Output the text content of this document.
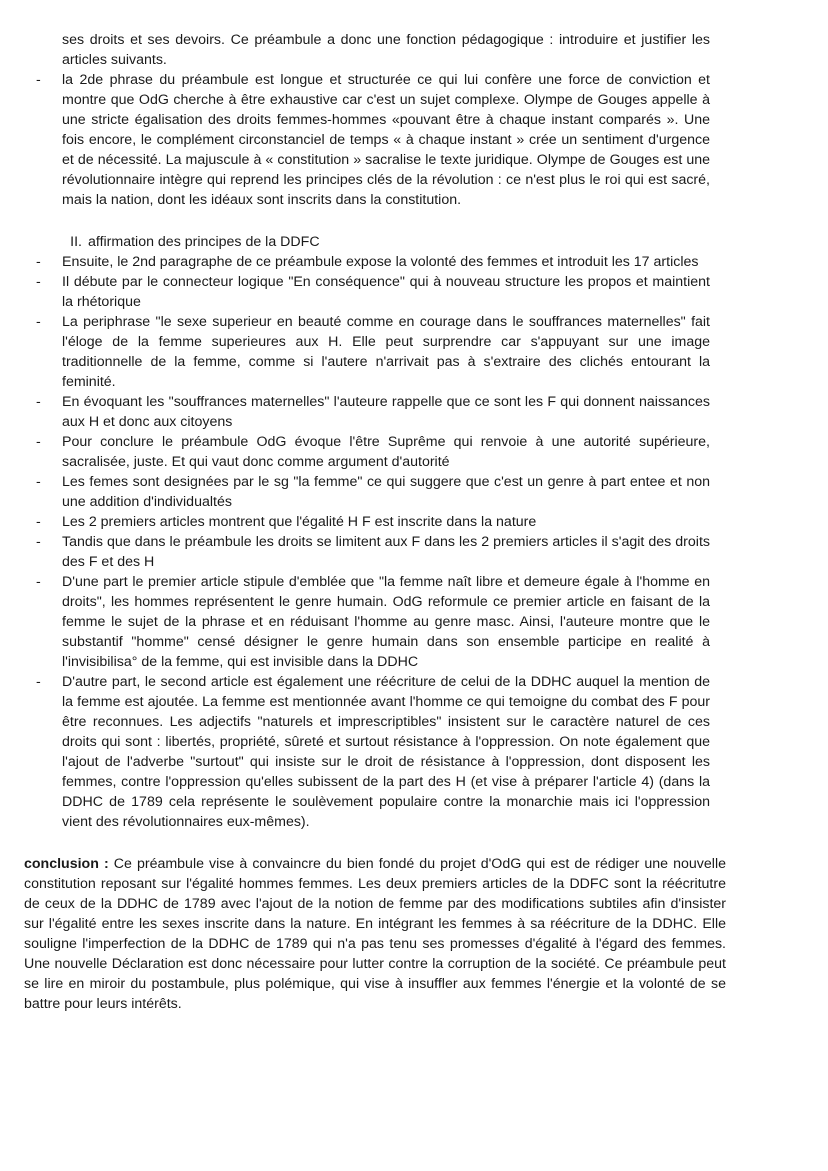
ses droits et ses devoirs. Ce préambule a donc une fonction pédagogique : introduire et justifier les articles suivants.

- la 2de phrase du préambule est longue et structurée ce qui lui confère une force de conviction et montre que OdG cherche à être exhaustive car c'est un sujet complexe. Olympe de Gouges appelle à une stricte égalisation des droits femmes-hommes «pouvant être à chaque instant comparés ». Une fois encore, le complément circonstanciel de temps « à chaque instant » crée un sentiment d'urgence et de nécessité. La majuscule à « constitution » sacralise le texte juridique. Olympe de Gouges est une révolutionnaire intègre qui reprend les principes clés de la révolution : ce n'est plus le roi qui est sacré, mais la nation, dont les idéaux sont inscrits dans la constitution.
II. affirmation des principes de la DDFC
- Ensuite, le 2nd paragraphe de ce préambule expose la volonté des femmes et introduit les 17 articles
- Il débute par le connecteur logique "En conséquence" qui à nouveau structure les propos et maintient la rhétorique
- La periphrase "le sexe superieur en beauté comme en courage dans le souffrances maternelles" fait l'éloge de la femme superieures aux H. Elle peut surprendre car s'appuyant sur une image traditionnelle de la femme, comme si l'autere n'arrivait pas à s'extraire des clichés entourant la feminité.
- En évoquant les "souffrances maternelles" l'auteure rappelle que ce sont les F qui donnent naissances aux H et donc aux citoyens
- Pour conclure le préambule OdG évoque l'être Suprême qui renvoie à une autorité supérieure, sacralisée, juste. Et qui vaut donc comme argument d'autorité
- Les femes sont designées par le sg "la femme" ce qui suggere que c'est un genre à part entee et non une addition d'individualtés
- Les 2 premiers articles montrent que l'égalité H F est inscrite dans la nature
- Tandis que dans le préambule les droits se limitent aux F dans les 2 premiers articles il s'agit des droits des F et des H
- D'une part le premier article stipule d'emblée que "la femme naît libre et demeure égale à l'homme en droits", les hommes représentent le genre humain. OdG reformule ce premier article en faisant de la femme le sujet de la phrase et en réduisant l'homme au genre masc. Ainsi, l'auteure montre que le substantif "homme" censé désigner le genre humain dans son ensemble participe en realité à l'invisibilisa° de la femme, qui est invisible dans la DDHC
- D'autre part, le second article est également une réécriture de celui de la DDHC auquel la mention de la femme est ajoutée. La femme est mentionnée avant l'homme ce qui temoigne du combat des F pour être reconnues. Les adjectifs "naturels et imprescriptibles" insistent sur le caractère naturel de ces droits qui sont : libertés, propriété, sûreté et surtout résistance à l'oppression. On note également que l'ajout de l'adverbe "surtout" qui insiste sur le droit de résistance à l'oppression, dont disposent les femmes, contre l'oppression qu'elles subissent de la part des H (et vise à préparer l'article 4) (dans la DDHC de 1789 cela représente le soulèvement populaire contre la monarchie mais ici l'oppression vient des révolutionnaires eux-mêmes).

conclusion : Ce préambule vise à convaincre du bien fondé du projet d'OdG qui est de rédiger une nouvelle constitution reposant sur l'égalité hommes femmes. Les deux premiers articles de la DDFC sont la réécritutre de ceux de la DDHC de 1789 avec l'ajout de la notion de femme par des modifications subtiles afin d'insister sur l'égalité entre les sexes inscrite dans la nature. En intégrant les femmes à sa réécriture de la DDHC. Elle souligne l'imperfection de la DDHC de 1789 qui n'a pas tenu ses promesses d'égalité à l'égard des femmes. Une nouvelle Déclaration est donc nécessaire pour lutter contre la corruption de la société. Ce préambule peut se lire en miroir du postambule, plus polémique, qui vise à insuffler aux femmes l'énergie et la volonté de se battre pour leurs intérêts.
